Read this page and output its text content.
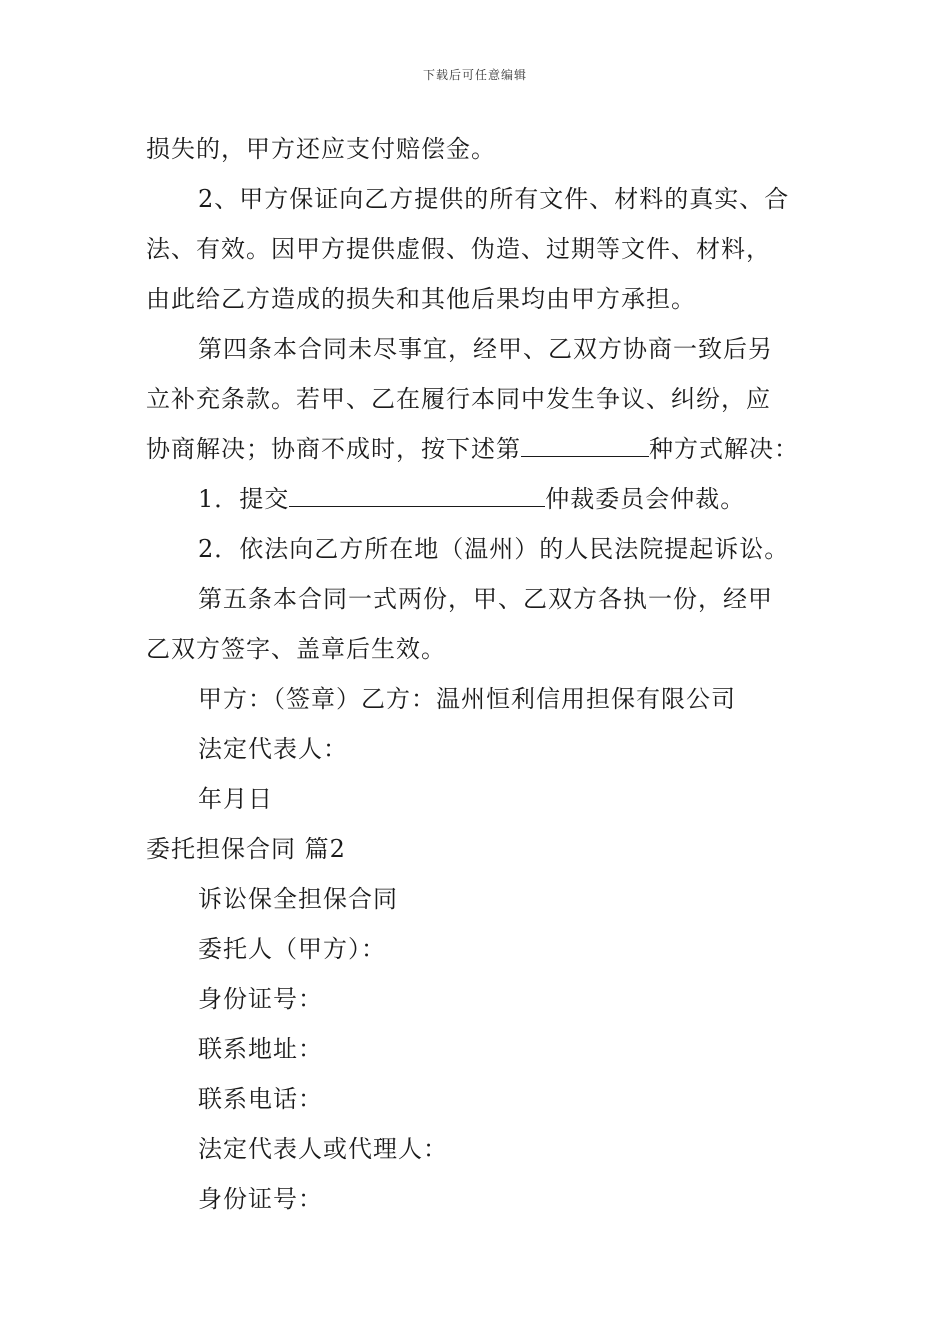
下载后可任意编辑
损失的，甲方还应支付赔偿金。
2、甲方保证向乙方提供的所有文件、材料的真实、合
法、有效。因甲方提供虚假、伪造、过期等文件、材料，
由此给乙方造成的损失和其他后果均由甲方承担。
第四条本合同未尽事宜，经甲、乙双方协商一致后另
立补充条款。若甲、乙在履行本同中发生争议、纠纷，应
协商解决；协商不成时，按下述第	种方式解决：
1．提交	仲裁委员会仲裁。
2．依法向乙方所在地（温州）的人民法院提起诉讼。
第五条本合同一式两份，甲、乙双方各执一份，经甲
乙双方签字、盖章后生效。
甲方：（签章）乙方：温州恒利信用担保有限公司
法定代表人：
年月日
委托担保合同 篇2
诉讼保全担保合同
委托人（甲方）：
身份证号：
联系地址：
联系电话：
法定代表人或代理人：
身份证号：
